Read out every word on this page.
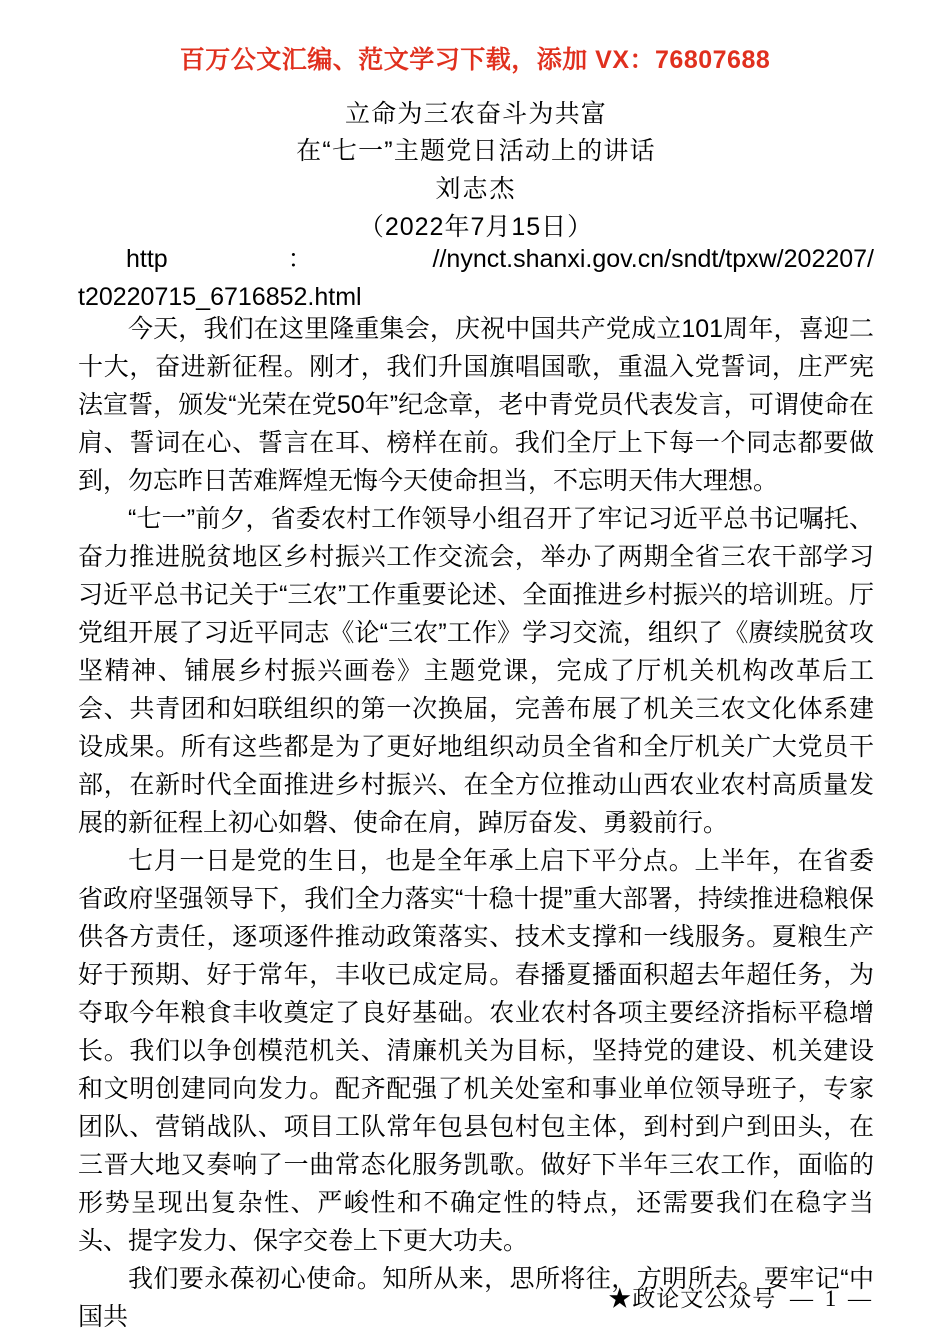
百万公文汇编、范文学习下载，添加 VX：76807688
立命为三农奋斗为共富
在“七一”主题党日活动上的讲话
刘志杰
（2022年7月15日）
http	：	//nynct.shanxi.gov.cn/sndt/tpxw/202207/
t20220715_6716852.html

今天，我们在这里隆重集会，庆祝中国共产党成立101周年，喜迎二十大，奋进新征程。刚才，我们升国旗唱国歌，重温入党誓词，庄严宪法宣誓，颁发“光荣在党50年”纪念章，老中青党员代表发言，可谓使命在肩、誓词在心、誓言在耳、榜样在前。我们全厅上下每一个同志都要做到，勿忘昨日苦难辉煌无悔今天使命担当，不忘明天伟大理想。

“七一”前夕，省委农村工作领导小组召开了牢记习近平总书记嘱托、奋力推进脱贫地区乡村振兴工作交流会，举办了两期全省三农干部学习习近平总书记关于“三农”工作重要论述、全面推进乡村振兴的培训班。厅党组开展了习近平同志《论“三农”工作》学习交流，组织了《赓续脱贫攻坚精神、铺展乡村振兴画卷》主题党课，完成了厅机关机构改革后工会、共青团和妇联组织的第一次换届，完善布展了机关三农文化体系建设成果。所有这些都是为了更好地组织动员全省和全厅机关广大党员干部，在新时代全面推进乡村振兴、在全方位推动山西农业农村高质量发展的新征程上初心如磐、使命在肩，踔厉奋发、勇毅前行。

七月一日是党的生日，也是全年承上启下平分点。上半年，在省委省政府坚强领导下，我们全力落实“十稳十提”重大部署，持续推进稳粮保供各方责任，逐项逐件推动政策落实、技术支撑和一线服务。夏粮生产好于预期、好于常年，丰收已成定局。春播夏播面积超去年超任务，为夺取今年粮食丰收奠定了良好基础。农业农村各项主要经济指标平稳增长。我们以争创模范机关、清廉机关为目标，坚持党的建设、机关建设和文明创建同向发力。配齐配强了机关处室和事业单位领导班子，专家团队、营销战队、项目工队常年包县包村包主体，到村到户到田头，在三晋大地又奏响了一曲常态化服务凯歌。做好下半年三农工作，面临的形势呈现出复杂性、严峻性和不确定性的特点，还需要我们在稳字当头、提字发力、保字交卷上下更大功夫。

我们要永葆初心使命。知所从来，思所将往，方明所去。要牢记“中国共

★政论文公众号 — 1 —
